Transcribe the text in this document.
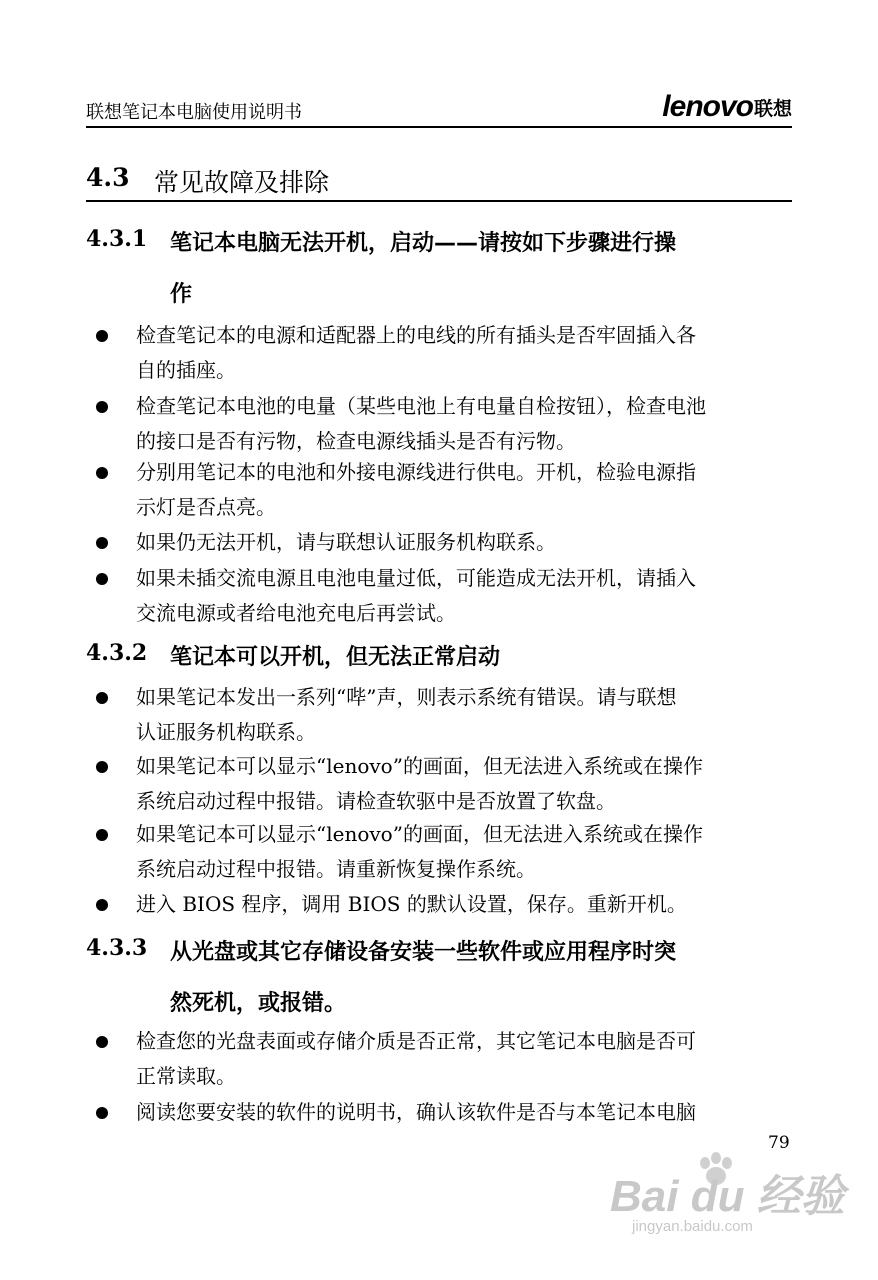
联想笔记本电脑使用说明书	lenovo联想
4.3 常见故障及排除
4.3.1 笔记本电脑无法开机，启动——请按如下步骤进行操
作
检查笔记本的电源和适配器上的电线的所有插头是否牢固插入各
自的插座。
检查笔记本电池的电量（某些电池上有电量自检按钮），检查电池
的接口是否有污物，检查电源线插头是否有污物。
分别用笔记本的电池和外接电源线进行供电。开机，检验电源指
示灯是否点亮。
如果仍无法开机，请与联想认证服务机构联系。
如果未插交流电源且电池电量过低，可能造成无法开机，请插入
交流电源或者给电池充电后再尝试。
4.3.2 笔记本可以开机，但无法正常启动
如果笔记本发出一系列“哔”声，则表示系统有错误。请与联想
认证服务机构联系。
如果笔记本可以显示“lenovo”的画面，但无法进入系统或在操作
系统启动过程中报错。请检查软驱中是否放置了软盘。
如果笔记本可以显示“lenovo”的画面，但无法进入系统或在操作
系统启动过程中报错。请重新恢复操作系统。
进入 BIOS 程序，调用 BIOS 的默认设置，保存。重新开机。
4.3.3 从光盘或其它存储设备安装一些软件或应用程序时突
然死机，或报错。
检查您的光盘表面或存储介质是否正常，其它笔记本电脑是否可
正常读取。
阅读您要安装的软件的说明书，确认该软件是否与本笔记本电脑
79
Bai du 经验
jingyan.baidu.com
